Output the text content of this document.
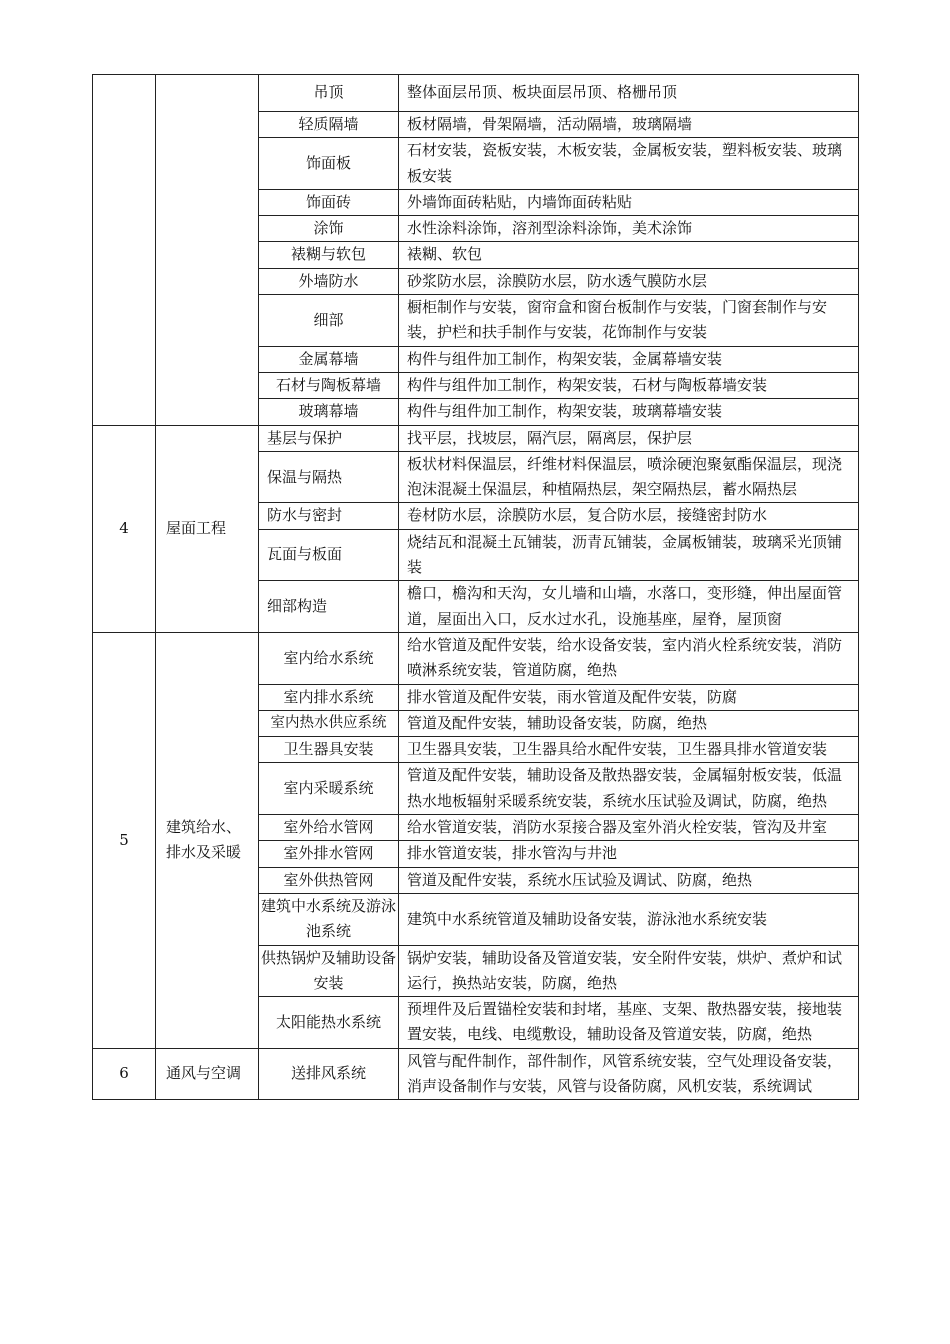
		吊顶	整体面层吊顶、板块面层吊顶、格栅吊顶
		轻质隔墙	板材隔墙，骨架隔墙，活动隔墙，玻璃隔墙
		饰面板	石材安装，瓷板安装，木板安装，金属板安装，塑料板安装、玻璃板安装
		饰面砖	外墙饰面砖粘贴，内墙饰面砖粘贴
		涂饰	水性涂料涂饰，溶剂型涂料涂饰，美术涂饰
		裱糊与软包	裱糊、软包
		外墙防水	砂浆防水层，涂膜防水层，防水透气膜防水层
		细部	橱柜制作与安装，窗帘盒和窗台板制作与安装，门窗套制作与安装，护栏和扶手制作与安装，花饰制作与安装
		金属幕墙	构件与组件加工制作，构架安装，金属幕墙安装
		石材与陶板幕墙	构件与组件加工制作，构架安装，石材与陶板幕墙安装
		玻璃幕墙	构件与组件加工制作，构架安装，玻璃幕墙安装
4	屋面工程	基层与保护	找平层，找坡层，隔汽层，隔离层，保护层
		保温与隔热	板状材料保温层，纤维材料保温层，喷涂硬泡聚氨酯保温层，现浇泡沫混凝土保温层，种植隔热层，架空隔热层，蓄水隔热层
		防水与密封	卷材防水层，涂膜防水层，复合防水层，接缝密封防水
		瓦面与板面	烧结瓦和混凝土瓦铺装，沥青瓦铺装，金属板铺装，玻璃采光顶铺装
		细部构造	檐口，檐沟和天沟，女儿墙和山墙，水落口，变形缝，伸出屋面管道，屋面出入口，反水过水孔，设施基座，屋脊，屋顶窗
5	建筑给水、排水及采暖	室内给水系统	给水管道及配件安装，给水设备安装，室内消火栓系统安装，消防喷淋系统安装，管道防腐，绝热
		室内排水系统	排水管道及配件安装，雨水管道及配件安装，防腐
		室内热水供应系统	管道及配件安装，辅助设备安装，防腐，绝热
		卫生器具安装	卫生器具安装，卫生器具给水配件安装，卫生器具排水管道安装
		室内采暖系统	管道及配件安装，辅助设备及散热器安装，金属辐射板安装，低温热水地板辐射采暖系统安装，系统水压试验及调试，防腐，绝热
		室外给水管网	给水管道安装，消防水泵接合器及室外消火栓安装，管沟及井室
		室外排水管网	排水管道安装，排水管沟与井池
		室外供热管网	管道及配件安装，系统水压试验及调试、防腐，绝热
		建筑中水系统及游泳池系统	建筑中水系统管道及辅助设备安装，游泳池水系统安装
		供热锅炉及辅助设备安装	锅炉安装，辅助设备及管道安装，安全附件安装，烘炉、煮炉和试运行，换热站安装，防腐，绝热
		太阳能热水系统	预埋件及后置锚栓安装和封堵，基座、支架、散热器安装，接地装置安装，电线、电缆敷设，辅助设备及管道安装，防腐，绝热
6	通风与空调	送排风系统	风管与配件制作，部件制作，风管系统安装，空气处理设备安装，消声设备制作与安装，风管与设备防腐，风机安装，系统调试
